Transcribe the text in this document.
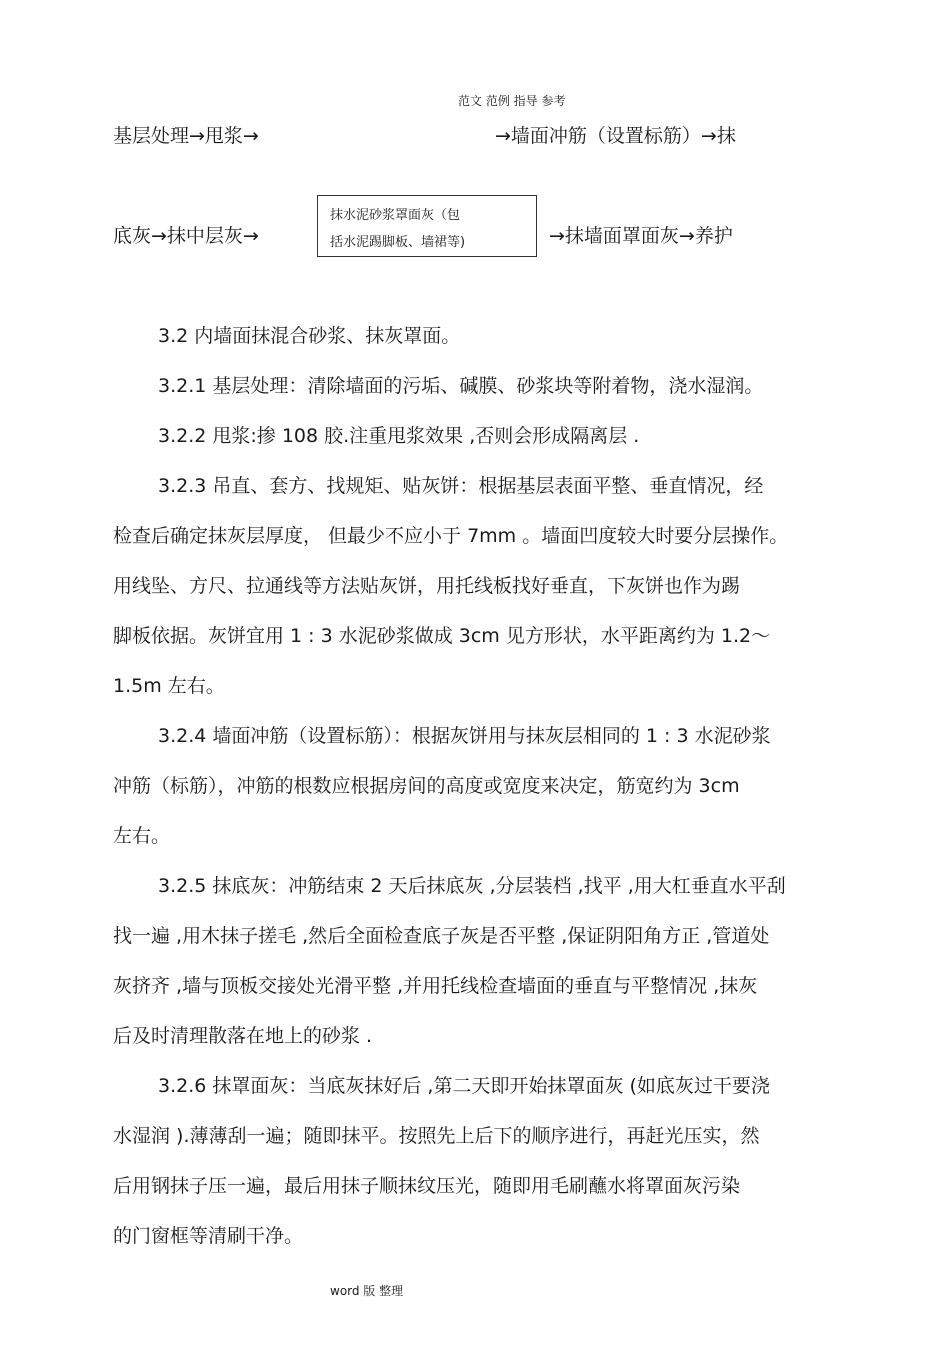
范文 范例 指导 参考
基层处理→甩浆→	→墙面冲筋（设置标筋）→抹
底灰→抹中层灰→
抹水泥砂浆罩面灰（包
括水泥踢脚板、墙裙等)	→抹墙面罩面灰→养护
3.2 内墙面抹混合砂浆、抹灰罩面。
3.2.1 基层处理：清除墙面的污垢、碱膜、砂浆块等附着物，浇水湿润。
3.2.2 甩浆:掺 108 胶.注重甩浆效果 ,否则会形成隔离层 .
3.2.3 吊直、套方、找规矩、贴灰饼：根据基层表面平整、垂直情况，经
检查后确定抹灰层厚度， 但最少不应小于 7mm 。墙面凹度较大时要分层操作。
用线坠、方尺、拉通线等方法贴灰饼，用托线板找好垂直，下灰饼也作为踢
脚板依据。灰饼宜用 1 : 3 水泥砂浆做成 3cm 见方形状，水平距离约为 1.2～
1.5m 左右。
3.2.4 墙面冲筋（设置标筋）：根据灰饼用与抹灰层相同的 1 : 3 水泥砂浆
冲筋（标筋），冲筋的根数应根据房间的高度或宽度来决定，筋宽约为 3cm
左右。
3.2.5 抹底灰：冲筋结束 2 天后抹底灰 ,分层装档 ,找平 ,用大杠垂直水平刮
找一遍 ,用木抹子搓毛 ,然后全面检查底子灰是否平整 ,保证阴阳角方正 ,管道处
灰挤齐 ,墙与顶板交接处光滑平整 ,并用托线检查墙面的垂直与平整情况 ,抹灰
后及时清理散落在地上的砂浆 .
3.2.6 抹罩面灰：当底灰抹好后 ,第二天即开始抹罩面灰 (如底灰过干要浇
水湿润 ).薄薄刮一遍；随即抹平。按照先上后下的顺序进行，再赶光压实，然
后用钢抹子压一遍，最后用抹子顺抹纹压光，随即用毛刷蘸水将罩面灰污染
的门窗框等清刷干净。
word 版 整理
